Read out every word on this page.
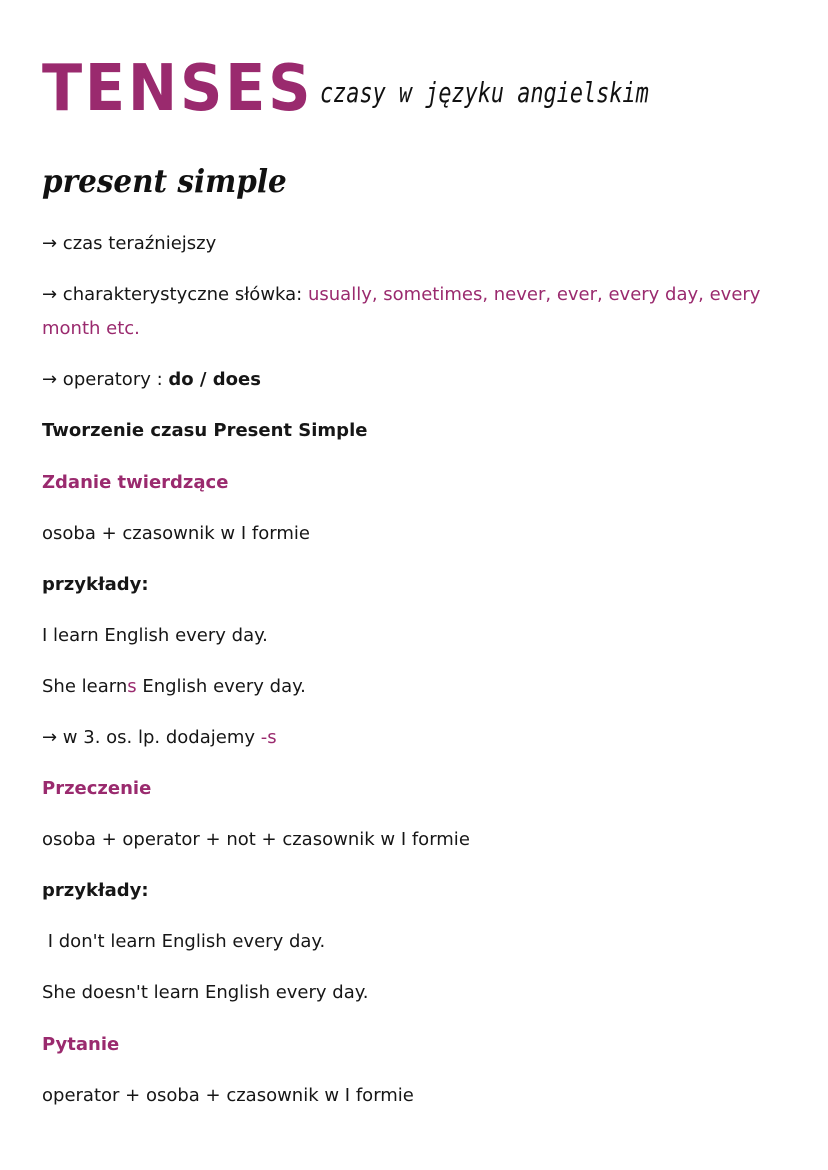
TENSES czasy w języku angielskim
present simple
→ czas teraźniejszy
→ charakterystyczne słówka: usually, sometimes, never, ever, every day, every month etc.
→ operatory : do / does
Tworzenie czasu Present Simple
Zdanie twierdzące
osoba + czasownik w I formie
przykłady:
I learn English every day.
She learns English every day.
→ w 3. os. lp. dodajemy -s
Przeczenie
osoba + operator + not + czasownik w I formie
przykłady:
I don't learn English every day.
She doesn't learn English every day.
Pytanie
operator + osoba + czasownik w I formie
